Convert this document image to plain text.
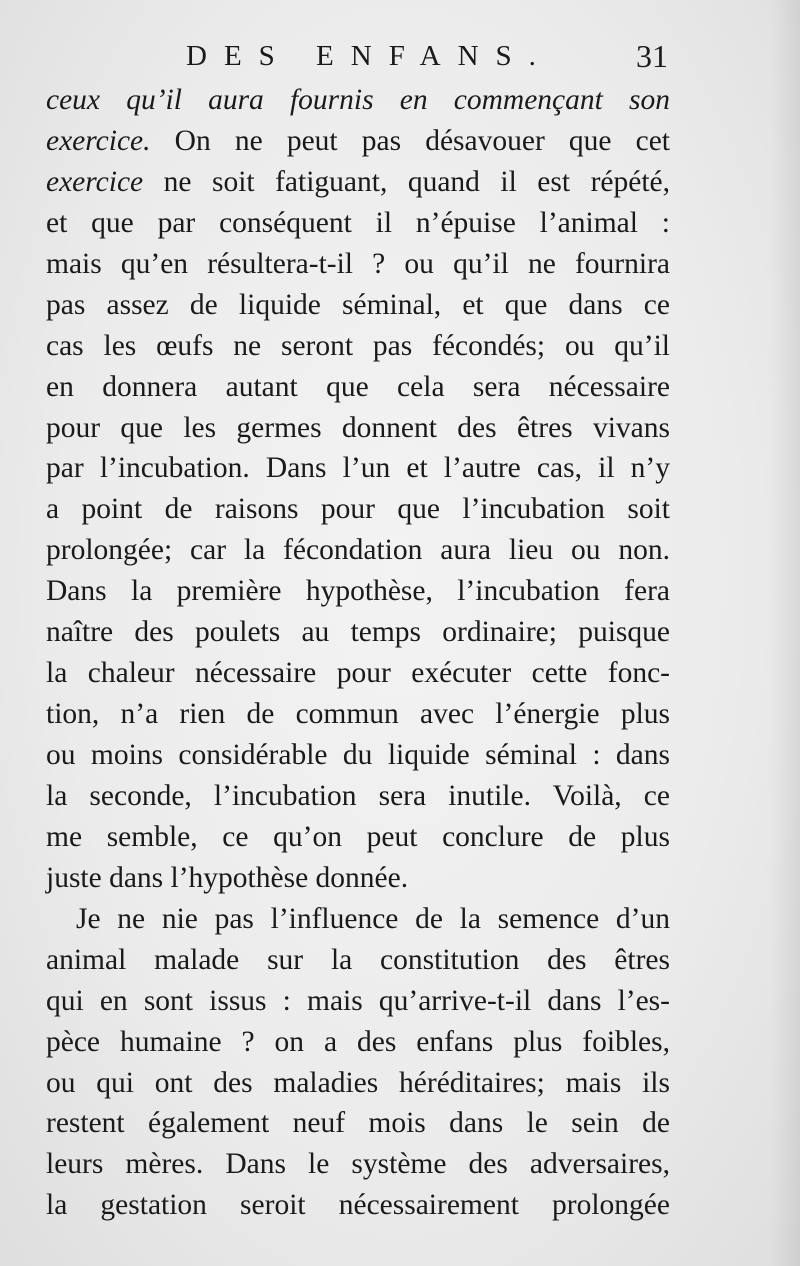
DES ENFANS.	31
ceux qu’il aura fournis en commençant son
exercice. On ne peut pas désavouer que cet
exercice ne soit fatiguant, quand il est répété,
et que par conséquent il n’épuise l’animal :
mais qu’en résultera-t-il ? ou qu’il ne fournira
pas assez de liquide séminal, et que dans ce
cas les œufs ne seront pas fécondés; ou qu’il
en donnera autant que cela sera nécessaire
pour que les germes donnent des êtres vivans
par l’incubation. Dans l’un et l’autre cas, il n’y
a point de raisons pour que l’incubation soit
prolongée; car la fécondation aura lieu ou non.
Dans la première hypothèse, l’incubation fera
naître des poulets au temps ordinaire; puisque
la chaleur nécessaire pour exécuter cette fonc-
tion, n’a rien de commun avec l’énergie plus
ou moins considérable du liquide séminal : dans
la seconde, l’incubation sera inutile. Voilà, ce
me semble, ce qu’on peut conclure de plus
juste dans l’hypothèse donnée.
Je ne nie pas l’influence de la semence d’un
animal malade sur la constitution des êtres
qui en sont issus : mais qu’arrive-t-il dans l’es-
pèce humaine ? on a des enfans plus foibles,
ou qui ont des maladies héréditaires; mais ils
restent également neuf mois dans le sein de
leurs mères. Dans le système des adversaires,
la gestation seroit nécessairement prolongée
